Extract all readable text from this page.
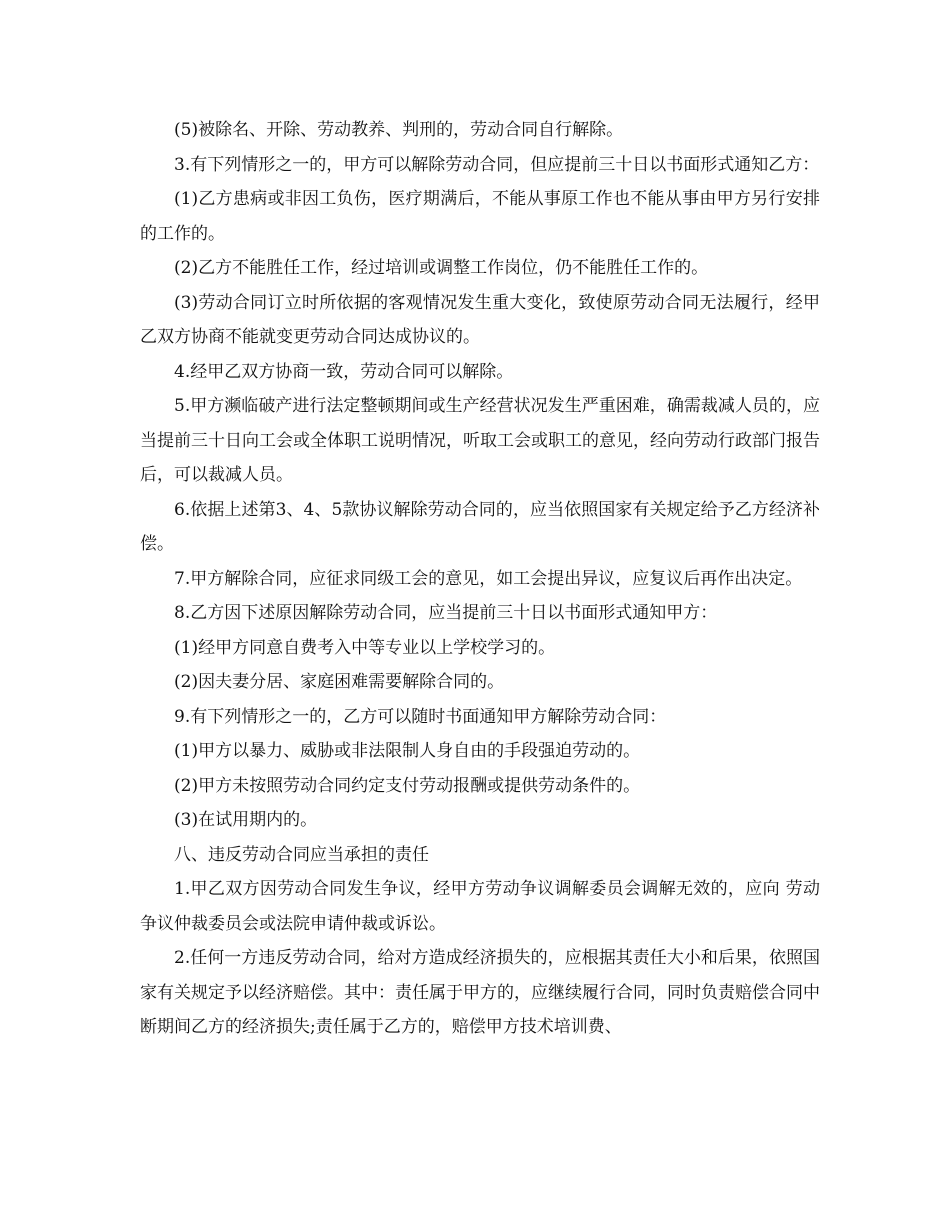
(5)被除名、开除、劳动教养、判刑的，劳动合同自行解除。

3.有下列情形之一的，甲方可以解除劳动合同，但应提前三十日以书面形式通知乙方：

(1)乙方患病或非因工负伤，医疗期满后，不能从事原工作也不能从事由甲方另行安排的工作的。

(2)乙方不能胜任工作，经过培训或调整工作岗位，仍不能胜任工作的。

(3)劳动合同订立时所依据的客观情况发生重大变化，致使原劳动合同无法履行，经甲乙双方协商不能就变更劳动合同达成协议的。

4.经甲乙双方协商一致，劳动合同可以解除。

5.甲方濒临破产进行法定整顿期间或生产经营状况发生严重困难，确需裁减人员的，应当提前三十日向工会或全体职工说明情况，听取工会或职工的意见，经向劳动行政部门报告后，可以裁减人员。

6.依据上述第3、4、5款协议解除劳动合同的，应当依照国家有关规定给予乙方经济补偿。

7.甲方解除合同，应征求同级工会的意见，如工会提出异议，应复议后再作出决定。

8.乙方因下述原因解除劳动合同，应当提前三十日以书面形式通知甲方：

(1)经甲方同意自费考入中等专业以上学校学习的。

(2)因夫妻分居、家庭困难需要解除合同的。

9.有下列情形之一的，乙方可以随时书面通知甲方解除劳动合同：

(1)甲方以暴力、威胁或非法限制人身自由的手段强迫劳动的。

(2)甲方未按照劳动合同约定支付劳动报酬或提供劳动条件的。

(3)在试用期内的。

八、违反劳动合同应当承担的责任

1.甲乙双方因劳动合同发生争议，经甲方劳动争议调解委员会调解无效的，应向 劳动争议仲裁委员会或法院申请仲裁或诉讼。

2.任何一方违反劳动合同，给对方造成经济损失的，应根据其责任大小和后果，依照国家有关规定予以经济赔偿。其中：责任属于甲方的，应继续履行合同，同时负责赔偿合同中断期间乙方的经济损失;责任属于乙方的，赔偿甲方技术培训费、
